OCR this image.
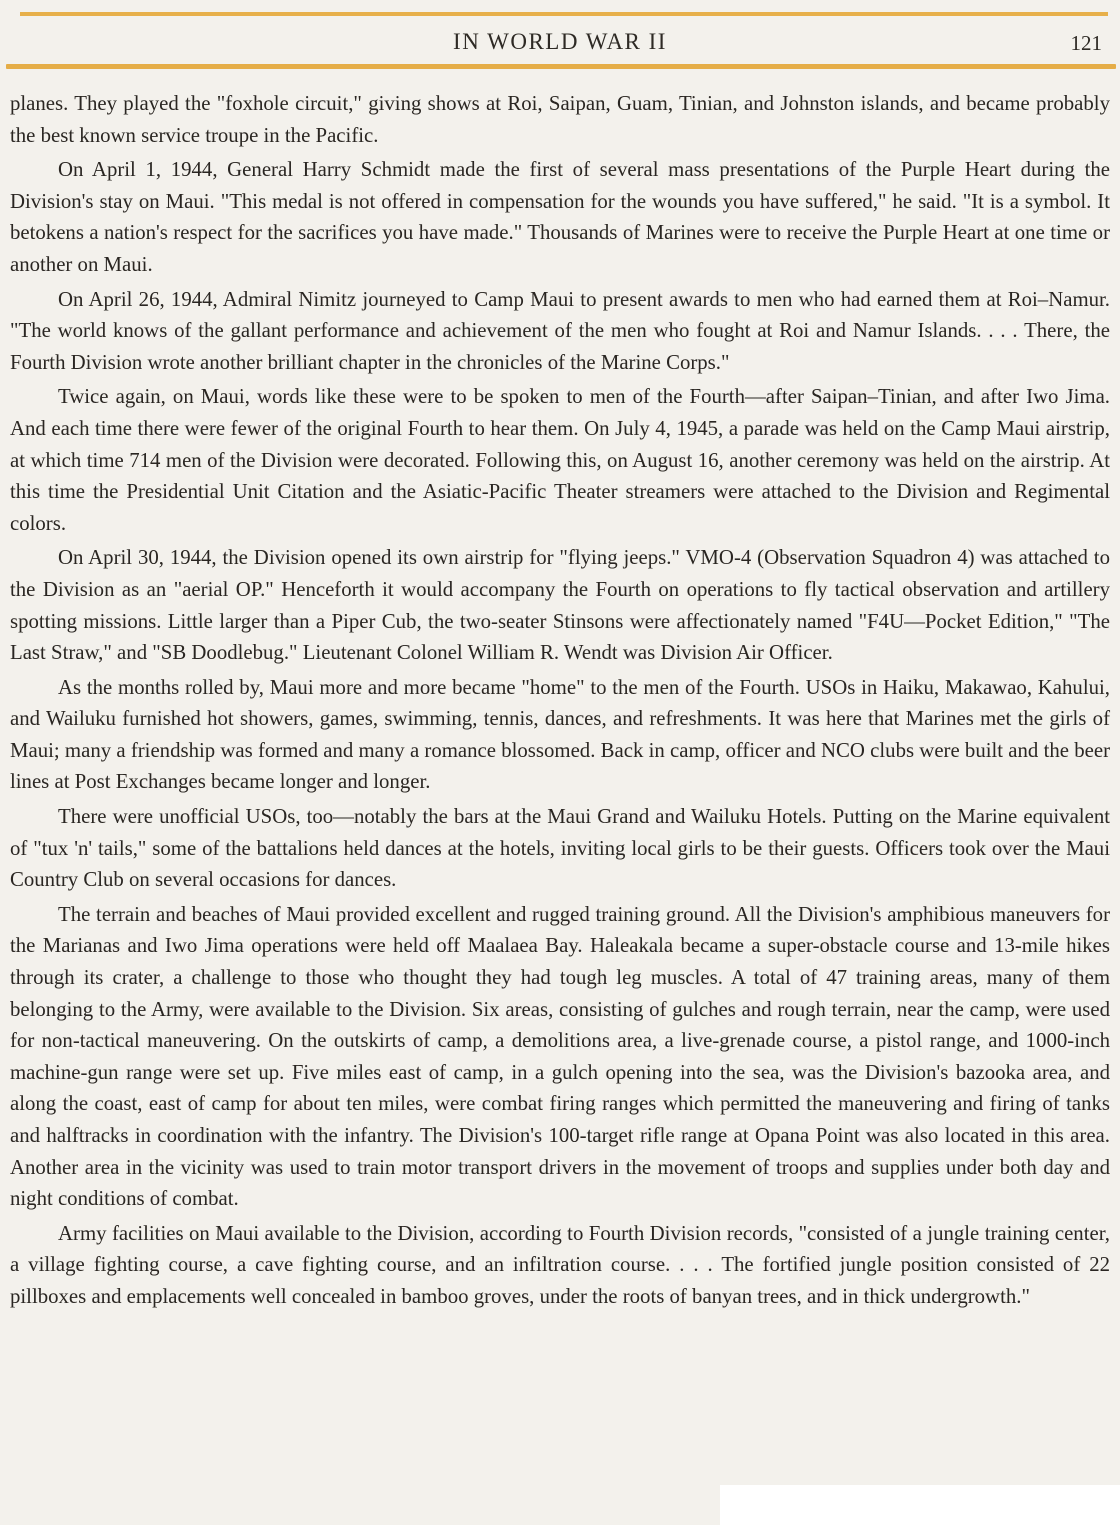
IN WORLD WAR II	121

planes. They played the "foxhole circuit," giving shows at Roi, Saipan, Guam, Tinian, and Johnston islands, and became probably the best known service troupe in the Pacific.

On April 1, 1944, General Harry Schmidt made the first of several mass presentations of the Purple Heart during the Division's stay on Maui. "This medal is not offered in compensation for the wounds you have suffered," he said. "It is a symbol. It betokens a nation's respect for the sacrifices you have made." Thousands of Marines were to receive the Purple Heart at one time or another on Maui.

On April 26, 1944, Admiral Nimitz journeyed to Camp Maui to present awards to men who had earned them at Roi–Namur. "The world knows of the gallant performance and achievement of the men who fought at Roi and Namur Islands. . . . There, the Fourth Division wrote another brilliant chapter in the chronicles of the Marine Corps."

Twice again, on Maui, words like these were to be spoken to men of the Fourth—after Saipan–Tinian, and after Iwo Jima. And each time there were fewer of the original Fourth to hear them. On July 4, 1945, a parade was held on the Camp Maui airstrip, at which time 714 men of the Division were decorated. Following this, on August 16, another ceremony was held on the airstrip. At this time the Presidential Unit Citation and the Asiatic-Pacific Theater streamers were attached to the Division and Regimental colors.

On April 30, 1944, the Division opened its own airstrip for "flying jeeps." VMO-4 (Observation Squadron 4) was attached to the Division as an "aerial OP." Henceforth it would accompany the Fourth on operations to fly tactical observation and artillery spotting missions. Little larger than a Piper Cub, the two-seater Stinsons were affectionately named "F4U—Pocket Edition," "The Last Straw," and "SB Doodlebug." Lieutenant Colonel William R. Wendt was Division Air Officer.

As the months rolled by, Maui more and more became "home" to the men of the Fourth. USOs in Haiku, Makawao, Kahului, and Wailuku furnished hot showers, games, swimming, tennis, dances, and refreshments. It was here that Marines met the girls of Maui; many a friendship was formed and many a romance blossomed. Back in camp, officer and NCO clubs were built and the beer lines at Post Exchanges became longer and longer.

There were unofficial USOs, too—notably the bars at the Maui Grand and Wailuku Hotels. Putting on the Marine equivalent of "tux 'n' tails," some of the battalions held dances at the hotels, inviting local girls to be their guests. Officers took over the Maui Country Club on several occasions for dances.

The terrain and beaches of Maui provided excellent and rugged training ground. All the Division's amphibious maneuvers for the Marianas and Iwo Jima operations were held off Maalaea Bay. Haleakala became a super-obstacle course and 13-mile hikes through its crater, a challenge to those who thought they had tough leg muscles. A total of 47 training areas, many of them belonging to the Army, were available to the Division. Six areas, consisting of gulches and rough terrain, near the camp, were used for non-tactical maneuvering. On the outskirts of camp, a demolitions area, a live-grenade course, a pistol range, and 1000-inch machine-gun range were set up. Five miles east of camp, in a gulch opening into the sea, was the Division's bazooka area, and along the coast, east of camp for about ten miles, were combat firing ranges which permitted the maneuvering and firing of tanks and halftracks in coordination with the infantry. The Division's 100-target rifle range at Opana Point was also located in this area. Another area in the vicinity was used to train motor transport drivers in the movement of troops and supplies under both day and night conditions of combat.

Army facilities on Maui available to the Division, according to Fourth Division records, "consisted of a jungle training center, a village fighting course, a cave fighting course, and an infiltration course. . . . The fortified jungle position consisted of 22 pillboxes and emplacements well concealed in bamboo groves, under the roots of banyan trees, and in thick undergrowth."
